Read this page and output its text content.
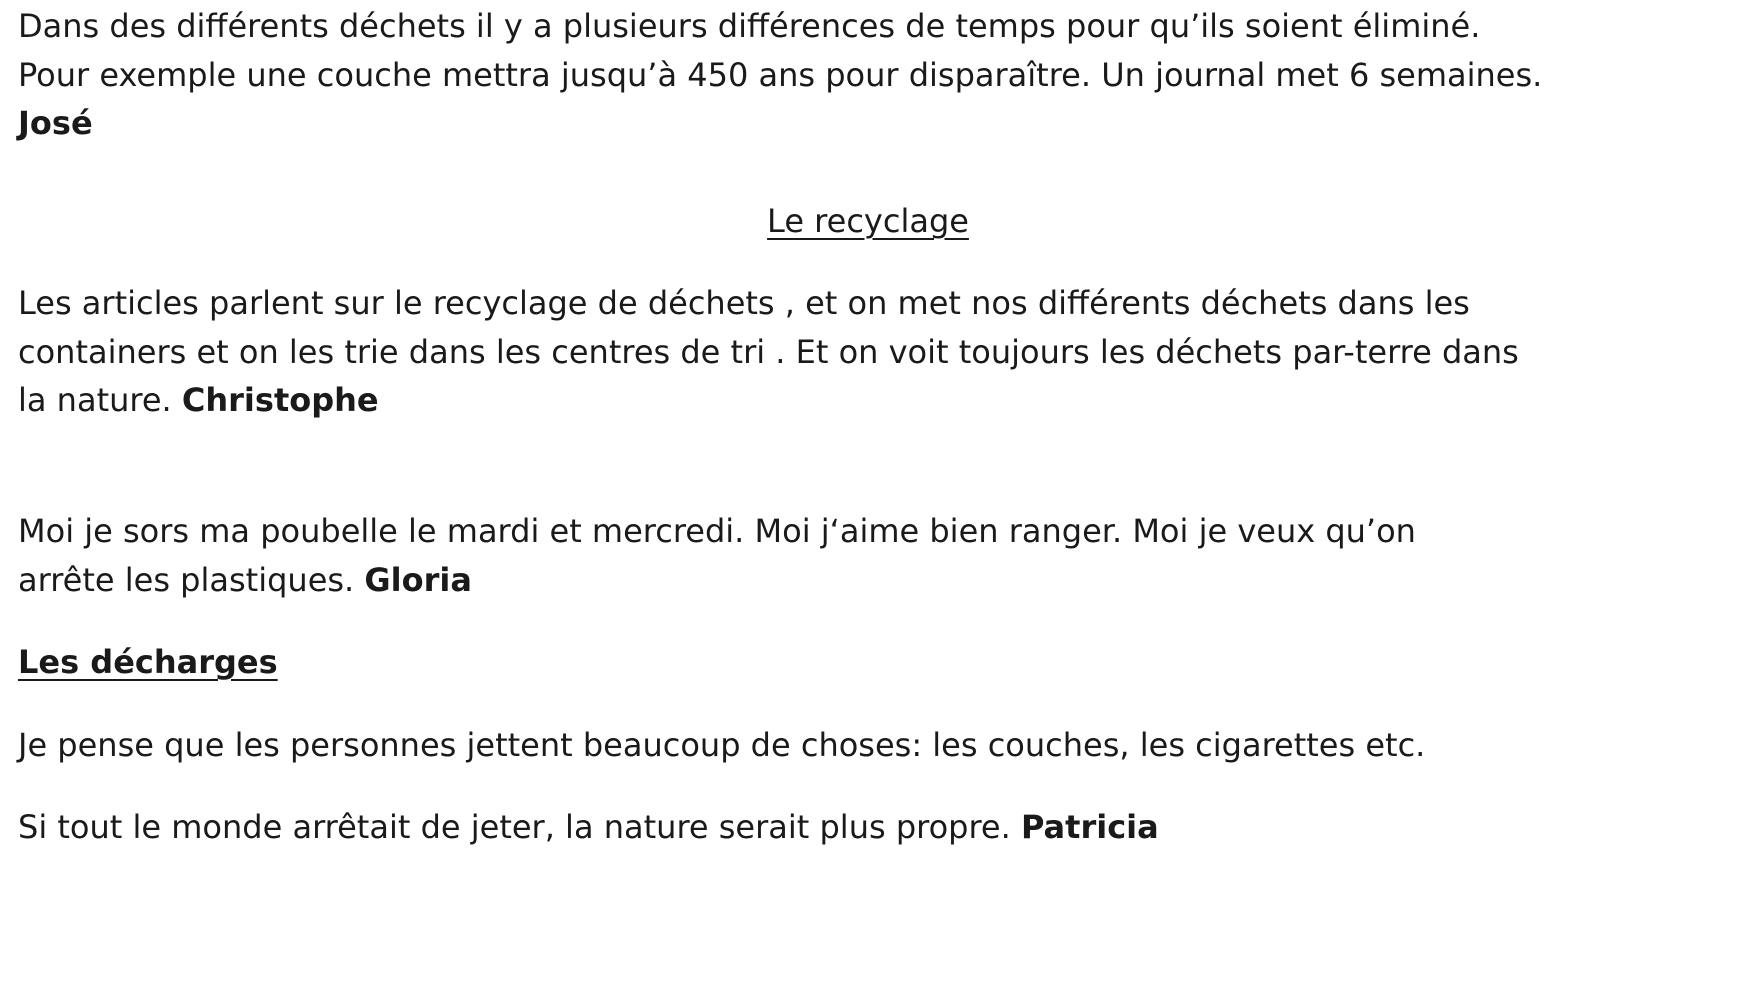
Dans des différents déchets il y a plusieurs différences de temps pour qu’ils soient éliminé.
Pour exemple une couche mettra jusqu’à 450 ans pour disparaître. Un journal met 6 semaines.
José
Le recyclage
Les articles parlent sur le recyclage de déchets , et on met nos différents déchets dans les
containers et on les trie dans les centres de tri . Et on voit toujours les déchets par-terre dans
la nature. Christophe
Moi je sors ma poubelle le mardi et mercredi. Moi j‘aime bien ranger. Moi je veux qu’on
arrête les plastiques. Gloria
Les décharges
Je pense que les personnes jettent beaucoup de choses: les couches, les cigarettes etc.
Si tout le monde arrêtait de jeter, la nature serait plus propre. Patricia
